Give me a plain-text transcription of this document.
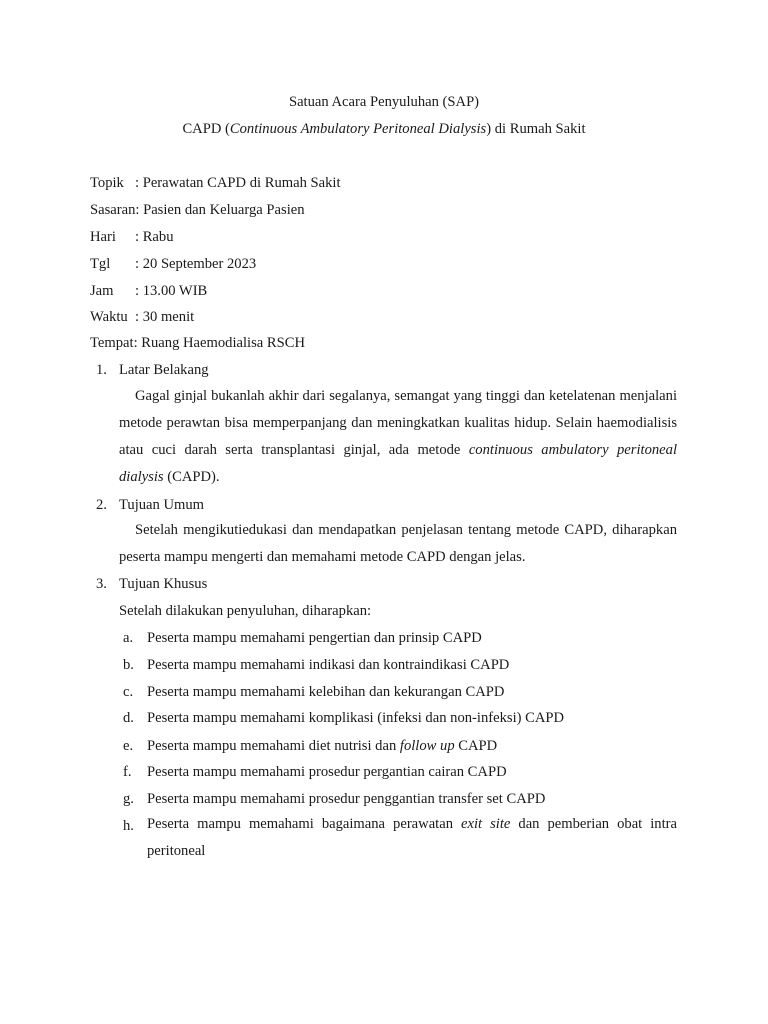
Satuan Acara Penyuluhan (SAP)
CAPD (Continuous Ambulatory Peritoneal Dialysis) di Rumah Sakit
Topik : Perawatan CAPD di Rumah Sakit
Sasaran: Pasien dan Keluarga Pasien
Hari : Rabu
Tgl : 20 September 2023
Jam : 13.00 WIB
Waktu : 30 menit
Tempat: Ruang Haemodialisa RSCH
1. Latar Belakang
Gagal ginjal bukanlah akhir dari segalanya, semangat yang tinggi dan ketelatenan menjalani metode perawtan bisa memperpanjang dan meningkatkan kualitas hidup. Selain haemodialisis atau cuci darah serta transplantasi ginjal, ada metode continuous ambulatory peritoneal dialysis (CAPD).
2. Tujuan Umum
Setelah mengikutiedukasi dan mendapatkan penjelasan tentang metode CAPD, diharapkan peserta mampu mengerti dan memahami metode CAPD dengan jelas.
3. Tujuan Khusus
Setelah dilakukan penyuluhan, diharapkan:
a. Peserta mampu memahami pengertian dan prinsip CAPD
b. Peserta mampu memahami indikasi dan kontraindikasi CAPD
c. Peserta mampu memahami kelebihan dan kekurangan CAPD
d. Peserta mampu memahami komplikasi (infeksi dan non-infeksi) CAPD
e. Peserta mampu memahami diet nutrisi dan follow up CAPD
f. Peserta mampu memahami prosedur pergantian cairan CAPD
g. Peserta mampu memahami prosedur penggantian transfer set CAPD
h. Peserta mampu memahami bagaimana perawatan exit site dan pemberian obat intra peritoneal
